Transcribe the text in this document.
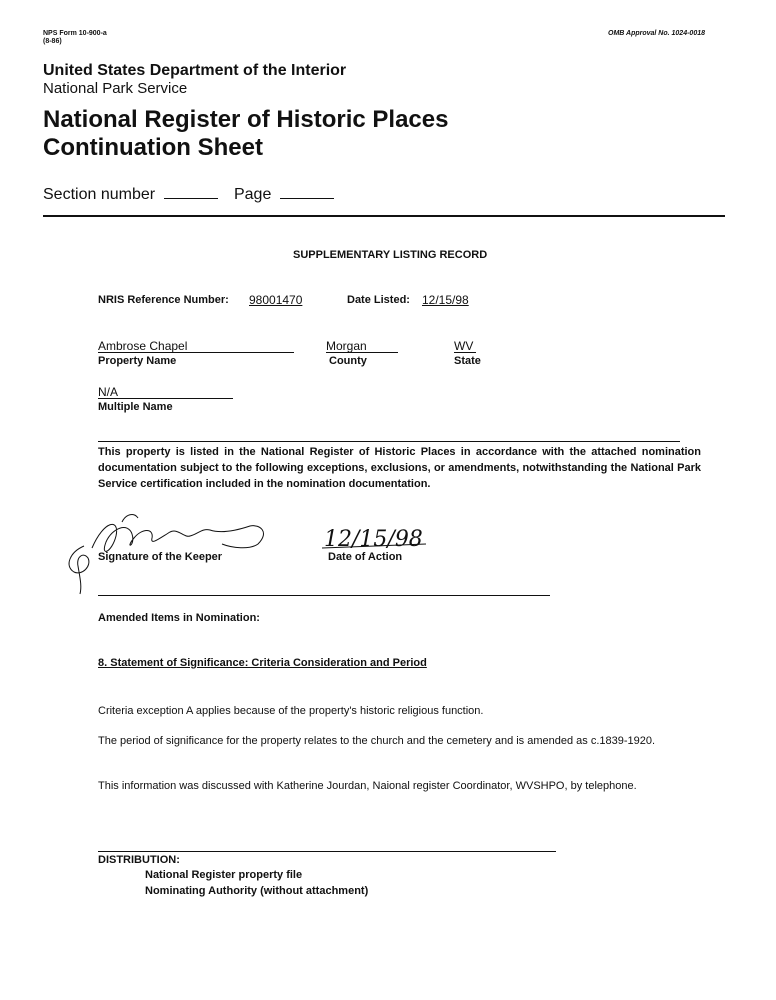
NPS Form 10-900-a
(8-86)
OMB Approval No. 1024-0018
United States Department of the Interior
National Park Service
National Register of Historic Places
Continuation Sheet
Section number	Page
SUPPLEMENTARY LISTING RECORD
NRIS Reference Number: 98001470	Date Listed: 12/15/98
Ambrose Chapel
Property Name
Morgan
County
WV
State
N/A
Multiple Name
This property is listed in the National Register of Historic Places in accordance with the attached nomination documentation subject to the following exceptions, exclusions, or amendments, notwithstanding the National Park Service certification included in the nomination documentation.
Signature of the Keeper
12/15/98
Date of Action
Amended Items in Nomination:
8. Statement of Significance: Criteria Consideration and Period
Criteria exception A applies because of the property's historic religious function.
The period of significance for the property relates to the church and the cemetery and is amended as c.1839-1920.
This information was discussed with Katherine Jourdan, Naional register Coordinator, WVSHPO, by telephone.
DISTRIBUTION:
National Register property file
Nominating Authority (without attachment)
